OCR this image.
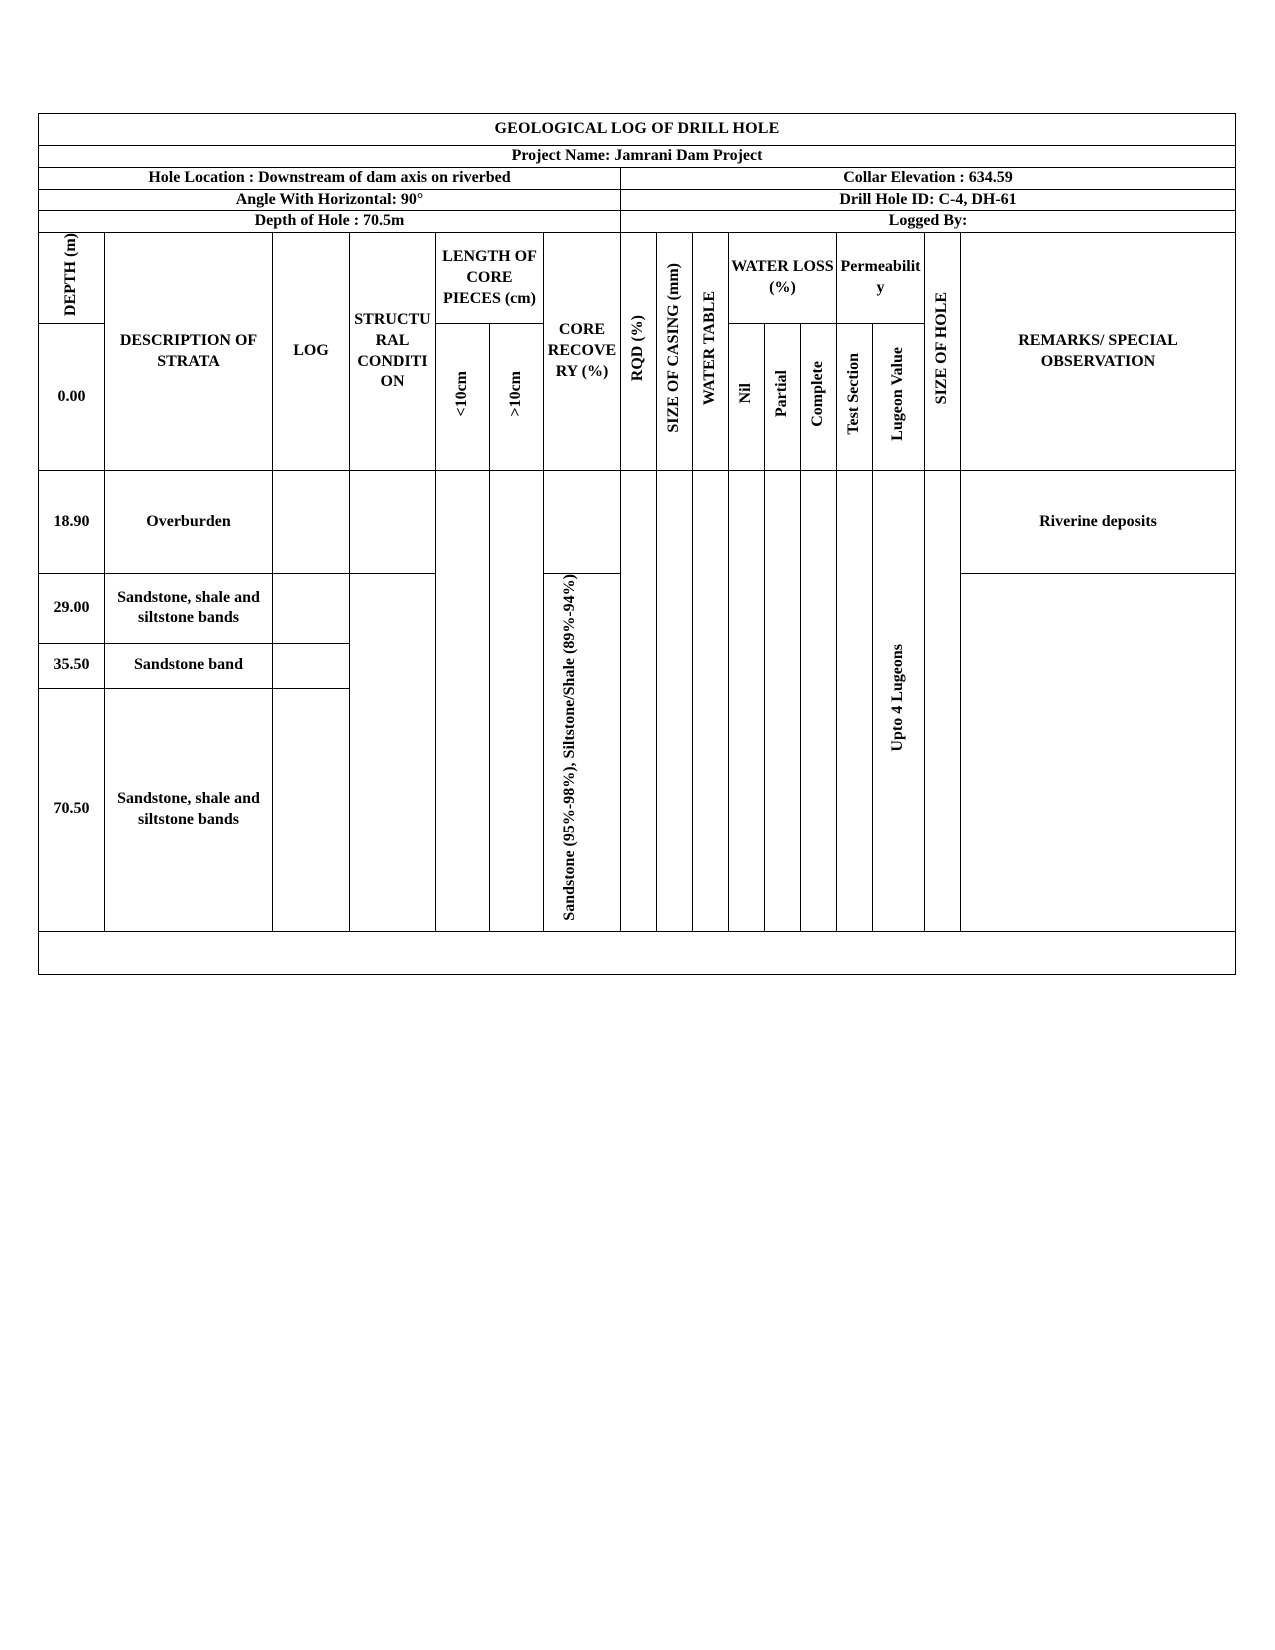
GEOLOGICAL LOG OF DRILL HOLE																
Project Name: Jamrani Dam Project																
Hole Location : Downstream of dam axis on riverbed							Collar Elevation : 634.59									
Angle With Horizontal: 90°							Drill Hole ID: C-4, DH-61									
Depth of Hole : 70.5m							Logged By:									
DEPTH (m)	DESCRIPTION OF STRATA	LOG	STRUCTU RAL CONDITI ON	LENGTH OF CORE PIECES (cm)		CORE RECOVE RY (%)	RQD (%)	SIZE OF CASING (mm)	WATER TABLE	WATER LOSS (%)			Permeabilit y		SIZE OF HOLE	REMARKS/ SPECIAL OBSERVATION
0.00				<10cm	>10cm					Nil	Partial	Complete	Test Section	Lugeon Value		

18.90	Overburden													Upto 4 Lugeons		Riverine deposits
29.00	Sandstone, shale and siltstone bands					Sandstone (95%-98%), Siltstone/Shale (89%-94%)										
35.50	Sandstone band															
70.50	Sandstone, shale and siltstone bands															
